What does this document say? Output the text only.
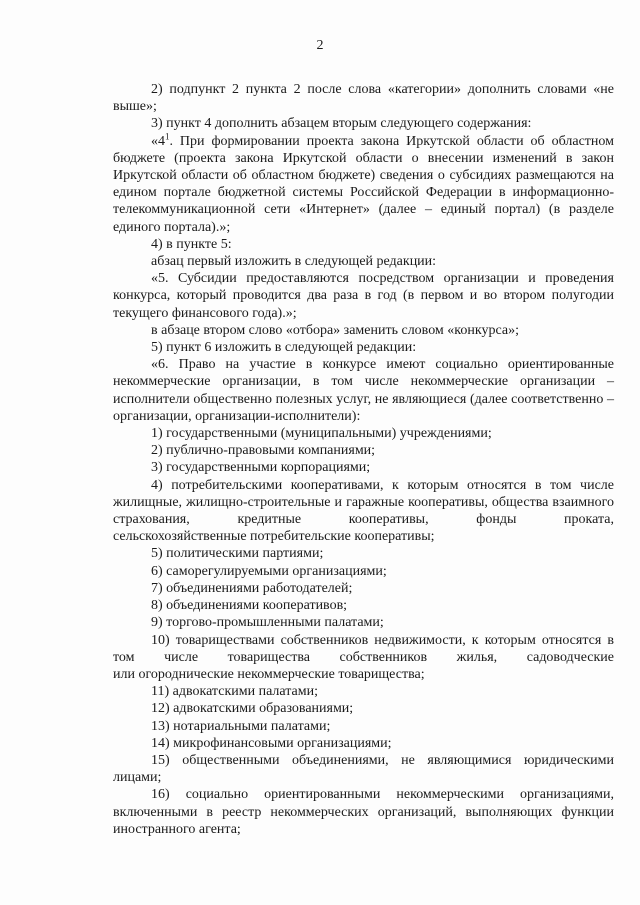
2

2) подпункт 2 пункта 2 после слова «категории» дополнить словами «не выше»;

3) пункт 4 дополнить абзацем вторым следующего содержания:

«$4^1$. При формировании проекта закона Иркутской области об областном бюджете (проекта закона Иркутской области о внесении изменений в закон Иркутской области об областном бюджете) сведения о субсидиях размещаются на едином портале бюджетной системы Российской Федерации в информационно-телекоммуникационной сети «Интернет» (далее – единый портал) (в разделе единого портала).»;

4) в пункте 5:

абзац первый изложить в следующей редакции:

«5. Субсидии предоставляются посредством организации и проведения конкурса, который проводится два раза в год (в первом и во втором полугодии текущего финансового года).»;

в абзаце втором слово «отбора» заменить словом «конкурса»;

5) пункт 6 изложить в следующей редакции:

«6. Право на участие в конкурсе имеют социально ориентированные некоммерческие организации, в том числе некоммерческие организации – исполнители общественно полезных услуг, не являющиеся (далее соответственно – организации, организации-исполнители):

1) государственными (муниципальными) учреждениями;

2) публично-правовыми компаниями;

3) государственными корпорациями;

4) потребительскими кооперативами, к которым относятся в том числе жилищные, жилищно-строительные и гаражные кооперативы, общества взаимного страхования, кредитные кооперативы, фонды проката,

сельскохозяйственные потребительские кооперативы;

5) политическими партиями;

6) саморегулируемыми организациями;

7) объединениями работодателей;

8) объединениями кооперативов;

9) торгово-промышленными палатами;

10) товариществами собственников недвижимости, к которым относятся в том числе товарищества собственников жилья, садоводческие

или огороднические некоммерческие товарищества;

11) адвокатскими палатами;

12) адвокатскими образованиями;

13) нотариальными палатами;

14) микрофинансовыми организациями;

15) общественными объединениями, не являющимися юридическими лицами;

16) социально ориентированными некоммерческими организациями, включенными в реестр некоммерческих организаций, выполняющих функции иностранного агента;
